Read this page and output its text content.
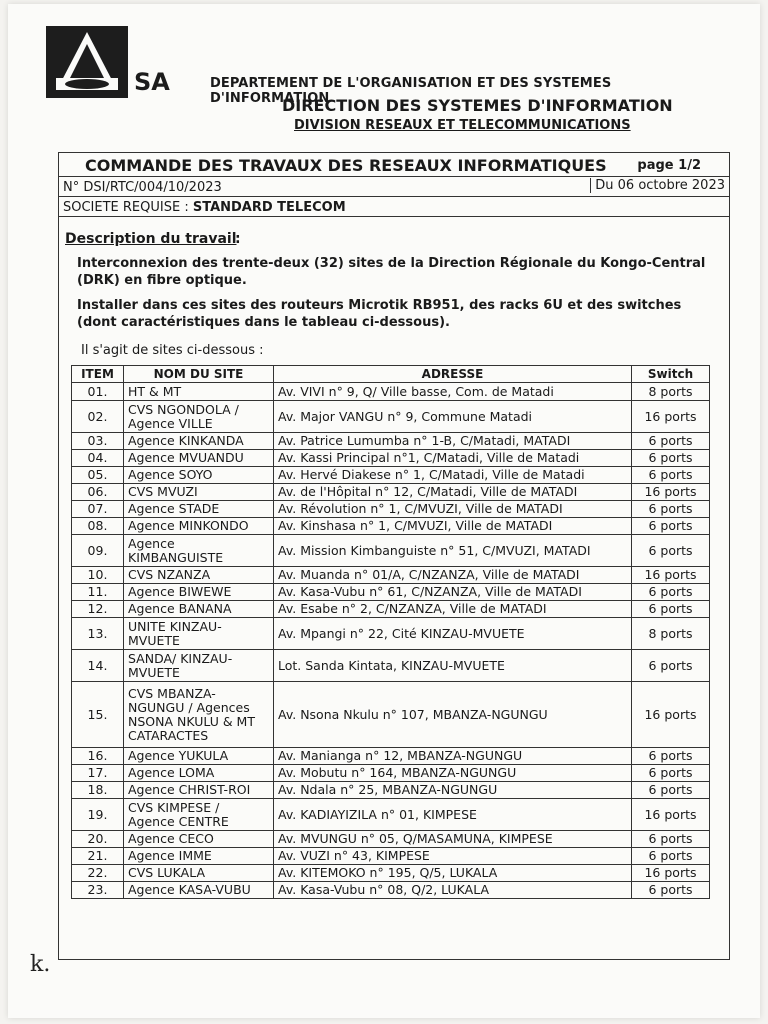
SA	DEPARTEMENT DE L'ORGANISATION ET DES SYSTEMES D'INFORMATION
DIRECTION DES SYSTEMES D'INFORMATION
DIVISION RESEAUX ET TELECOMMUNICATIONS
COMMANDE DES TRAVAUX DES RESEAUX INFORMATIQUES page 1/2
N° DSI/RTC/004/10/2023	Du 06 octobre 2023
SOCIETE REQUISE : STANDARD TELECOM
Description du travail
:
Interconnexion des trente-deux (32) sites de la Direction Régionale du Kongo-Central (DRK) en fibre optique.
Installer dans ces sites des routeurs Microtik RB951, des racks 6U et des switches (dont caractéristiques dans le tableau ci-dessous).
Il s'agit de sites ci-dessous :
ITEM	NOM DU SITE	ADRESSE	Switch
01.	HT & MT	Av. VIVI n° 9, Q/ Ville basse, Com. de Matadi	8 ports
02.	CVS NGONDOLA / Agence VILLE	Av. Major VANGU n° 9, Commune Matadi	16 ports
03.	Agence KINKANDA	Av. Patrice Lumumba n° 1-B, C/Matadi, MATADI	6 ports
04.	Agence MVUANDU	Av. Kassi Principal n°1, C/Matadi, Ville de Matadi	6 ports
05.	Agence SOYO	Av. Hervé Diakese n° 1, C/Matadi, Ville de Matadi	6 ports
06.	CVS MVUZI	Av. de l'Hôpital n° 12, C/Matadi, Ville de MATADI	16 ports
07.	Agence STADE	Av. Révolution n° 1, C/MVUZI, Ville de MATADI	6 ports
08.	Agence MINKONDO	Av. Kinshasa n° 1, C/MVUZI, Ville de MATADI	6 ports
09.	Agence KIMBANGUISTE	Av. Mission Kimbanguiste n° 51, C/MVUZI, MATADI	6 ports
10.	CVS NZANZA	Av. Muanda n° 01/A, C/NZANZA, Ville de MATADI	16 ports
11.	Agence BIWEWE	Av. Kasa-Vubu n° 61, C/NZANZA, Ville de MATADI	6 ports
12.	Agence BANANA	Av. Esabe n° 2, C/NZANZA, Ville de MATADI	6 ports
13.	UNITE KINZAU-MVUETE	Av. Mpangi n° 22, Cité KINZAU-MVUETE	8 ports
14.	SANDA/ KINZAU-MVUETE	Lot. Sanda Kintata, KINZAU-MVUETE	6 ports
15.	CVS MBANZA-NGUNGU / Agences NSONA NKULU & MT CATARACTES	Av. Nsona Nkulu n° 107, MBANZA-NGUNGU	16 ports
16.	Agence YUKULA	Av. Manianga n° 12, MBANZA-NGUNGU	6 ports
17.	Agence LOMA	Av. Mobutu n° 164, MBANZA-NGUNGU	6 ports
18.	Agence CHRIST-ROI	Av. Ndala n° 25, MBANZA-NGUNGU	6 ports
19.	CVS KIMPESE / Agence CENTRE	Av. KADIAYIZILA n° 01, KIMPESE	16 ports
20.	Agence CECO	Av. MVUNGU n° 05, Q/MASAMUNA, KIMPESE	6 ports
21.	Agence IMME	Av. VUZI n° 43, KIMPESE	6 ports
22.	CVS LUKALA	Av. KITEMOKO n° 195, Q/5, LUKALA	16 ports
23.	Agence KASA-VUBU	Av. Kasa-Vubu n° 08, Q/2, LUKALA	6 ports
k.
